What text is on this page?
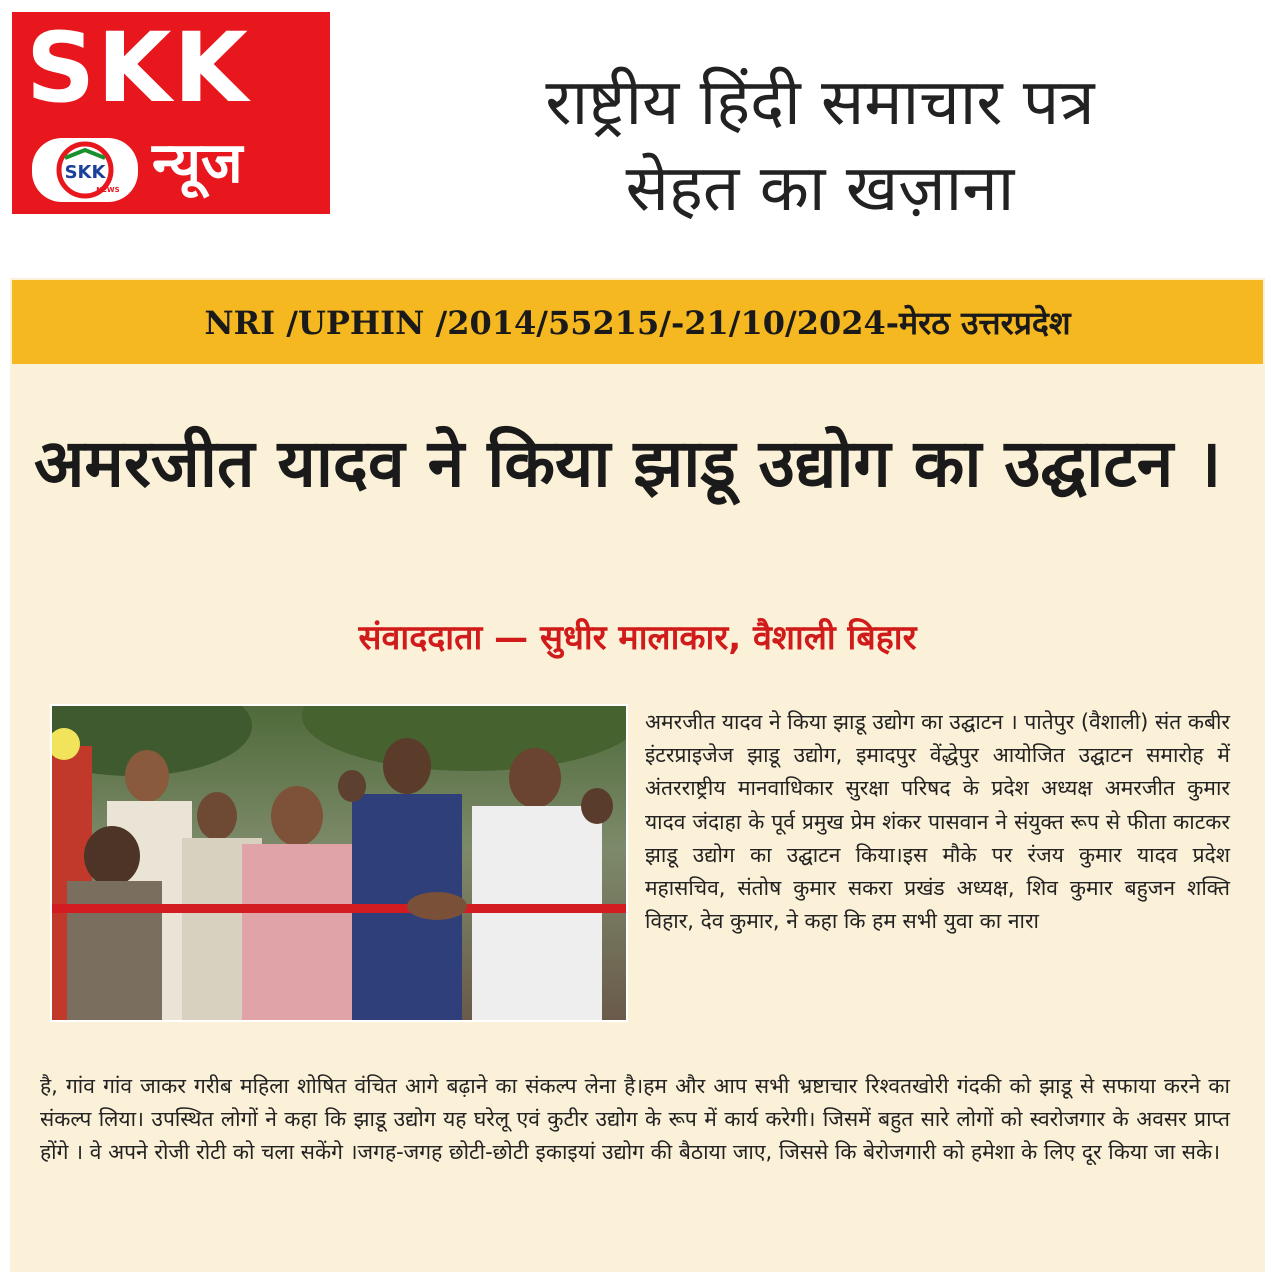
SKK
SKK
NEWS न्यूज
राष्ट्रीय हिंदी समाचार पत्र
सेहत का खज़ाना
NRI /UPHIN /2014/55215/-21/10/2024-मेरठ उत्तरप्रदेश
अमरजीत यादव ने किया झाडू उद्योग का उद्घाटन ।
संवाददाता — सुधीर मालाकार, वैशाली बिहार
अमरजीत यादव ने किया झाडू उद्योग का उद्घाटन । पातेपुर (वैशाली) संत कबीर इंटरप्राइजेज झाडू उद्योग, इमादपुर वेंद्धेपुर आयोजित उद्घाटन समारोह में अंतरराष्ट्रीय मानवाधिकार सुरक्षा परिषद के प्रदेश अध्यक्ष अमरजीत कुमार यादव जंदाहा के पूर्व प्रमुख प्रेम शंकर पासवान ने संयुक्त रूप से फीता काटकर झाडू उद्योग का उद्घाटन किया।इस मौके पर रंजय कुमार यादव प्रदेश महासचिव, संतोष कुमार सकरा प्रखंड अध्यक्ष, शिव कुमार बहुजन शक्ति विहार, देव कुमार, ने कहा कि हम सभी युवा का नारा
है, गांव गांव जाकर गरीब महिला शोषित वंचित आगे बढ़ाने का संकल्प लेना है।हम और आप सभी भ्रष्टाचार रिश्वतखोरी गंदकी को झाडू से सफाया करने का संकल्प लिया। उपस्थित लोगों ने कहा कि झाडू उद्योग यह घरेलू एवं कुटीर उद्योग के रूप में कार्य करेगी। जिसमें बहुत सारे लोगों को स्वरोजगार के अवसर प्राप्त होंगे । वे अपने रोजी रोटी को चला सकेंगे ।जगह-जगह छोटी-छोटी इकाइयां उद्योग की बैठाया जाए, जिससे कि बेरोजगारी को हमेशा के लिए दूर किया जा सके।
